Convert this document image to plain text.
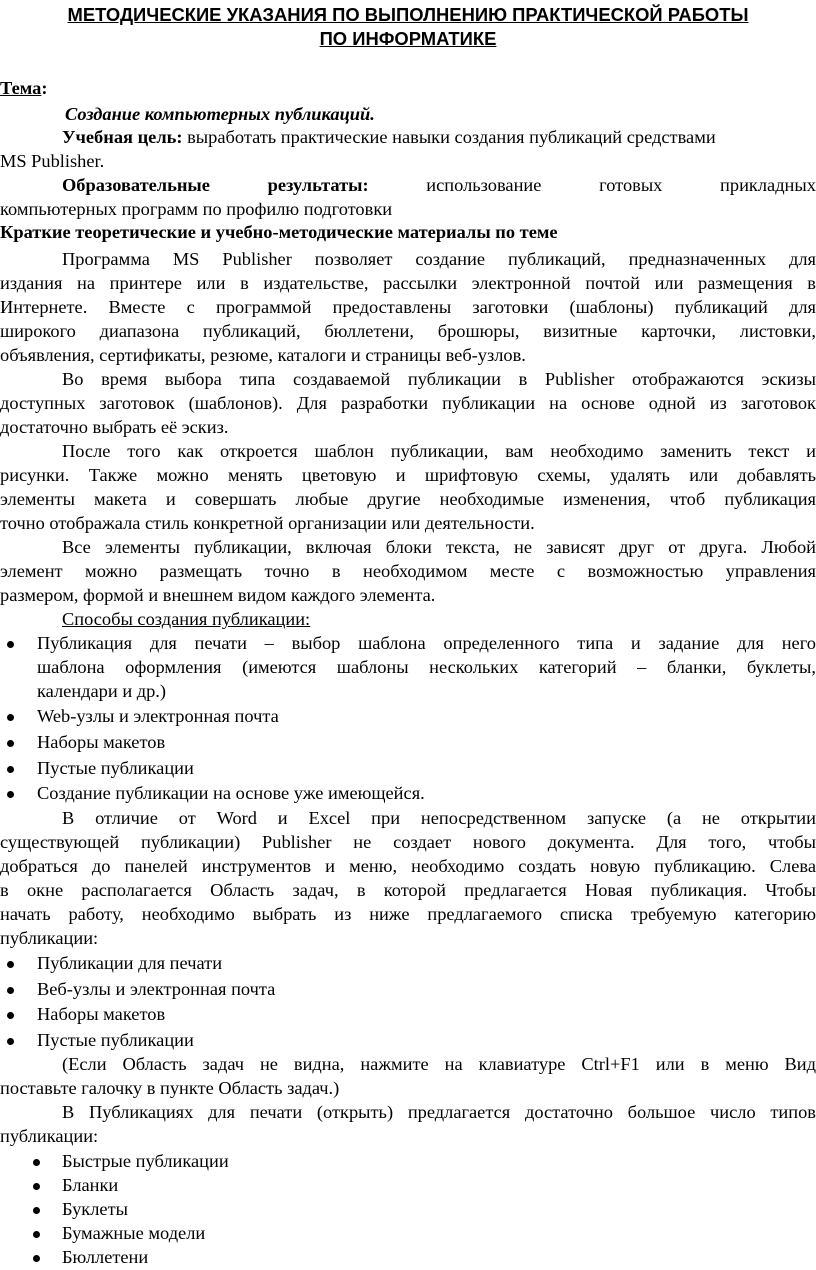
МЕТОДИЧЕСКИЕ УКАЗАНИЯ ПО ВЫПОЛНЕНИЮ ПРАКТИЧЕСКОЙ РАБОТЫ
ПО ИНФОРМАТИКЕ
Тема:
Создание компьютерных публикаций.
Учебная цель: выработать практические навыки создания публикаций средствами
MS Publisher.
Образовательные	результаты:	использование	готовых	прикладных
компьютерных программ по профилю подготовки
Краткие теоретические и учебно-методические материалы по теме
Программа MS Publisher позволяет создание публикаций, предназначенных для
издания на принтере или в издательстве, рассылки электронной почтой или размещения в
Интернете. Вместе с программой предоставлены заготовки (шаблоны) публикаций для
широкого диапазона публикаций, бюллетени, брошюры, визитные карточки, листовки,
объявления, сертификаты, резюме, каталоги и страницы веб-узлов.
Во время выбора типа создаваемой публикации в Publisher отображаются эскизы
доступных заготовок (шаблонов). Для разработки публикации на основе одной из заготовок
достаточно выбрать её эскиз.
После того как откроется шаблон публикации, вам необходимо заменить текст и
рисунки. Также можно менять цветовую и шрифтовую схемы, удалять или добавлять
элементы макета и совершать любые другие необходимые изменения, чтоб публикация
точно отображала стиль конкретной организации или деятельности.
Все элементы публикации, включая блоки текста, не зависят друг от друга. Любой
элемент можно размещать точно в необходимом месте с возможностью управления
размером, формой и внешнем видом каждого элемента.
Способы создания публикации:
Публикация для печати – выбор шаблона определенного типа и задание для него
шаблона оформления (имеются шаблоны нескольких категорий – бланки, буклеты,
календари и др.)
Web-узлы и электронная почта
Наборы макетов
Пустые публикации
Создание публикации на основе уже имеющейся.
В отличие от Word и Excel при непосредственном запуске (а не открытии
существующей публикации) Publisher не создает нового документа. Для того, чтобы
добраться до панелей инструментов и меню, необходимо создать новую публикацию. Слева
в окне располагается Область задач, в которой предлагается Новая публикация. Чтобы
начать работу, необходимо выбрать из ниже предлагаемого списка требуемую категорию
публикации:
Публикации для печати
Веб-узлы и электронная почта
Наборы макетов
Пустые публикации
(Если Область задач не видна, нажмите на клавиатуре Ctrl+F1 или в меню Вид
поставьте галочку в пункте Область задач.)
В Публикациях для печати (открыть) предлагается достаточно большое число типов
публикации:
Быстрые публикации
Бланки
Буклеты
Бумажные модели
Бюллетени
